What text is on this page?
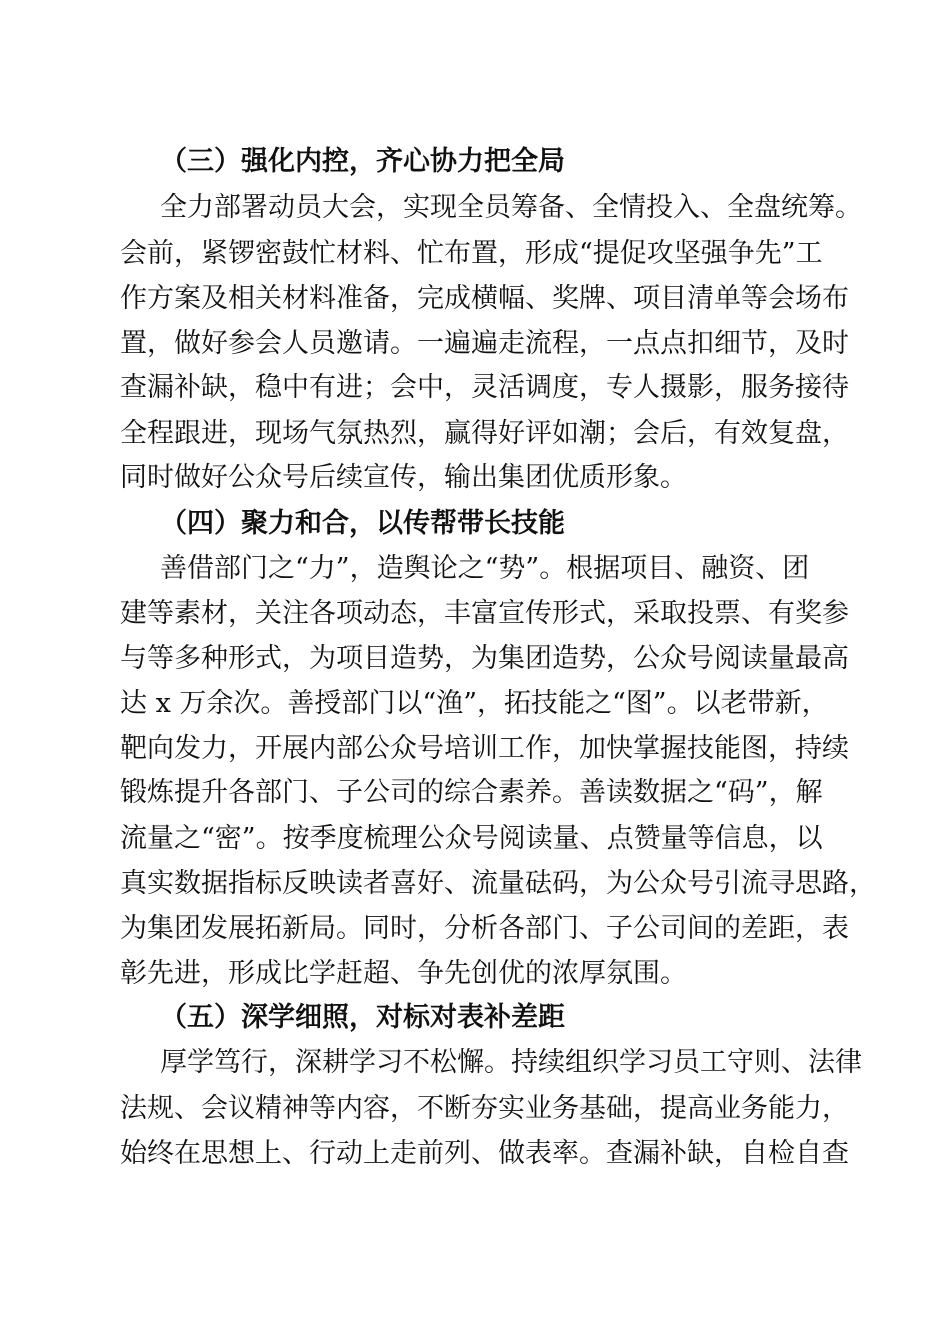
（三）强化内控，齐心协力把全局
全力部署动员大会，实现全员筹备、全情投入、全盘统筹。
会前，紧锣密鼓忙材料、忙布置，形成“提促攻坚强争先”工
作方案及相关材料准备，完成横幅、奖牌、项目清单等会场布
置，做好参会人员邀请。一遍遍走流程，一点点扣细节，及时
查漏补缺，稳中有进；会中，灵活调度，专人摄影，服务接待
全程跟进，现场气氛热烈，赢得好评如潮；会后，有效复盘，
同时做好公众号后续宣传，输出集团优质形象。
（四）聚力和合，以传帮带长技能
善借部门之“力”，造舆论之“势”。根据项目、融资、团
建等素材，关注各项动态，丰富宣传形式，采取投票、有奖参
与等多种形式，为项目造势，为集团造势，公众号阅读量最高
达 x 万余次。善授部门以“渔”，拓技能之“图”。以老带新，
靶向发力，开展内部公众号培训工作，加快掌握技能图，持续
锻炼提升各部门、子公司的综合素养。善读数据之“码”，解
流量之“密”。按季度梳理公众号阅读量、点赞量等信息，以
真实数据指标反映读者喜好、流量砝码，为公众号引流寻思路，
为集团发展拓新局。同时，分析各部门、子公司间的差距，表
彰先进，形成比学赶超、争先创优的浓厚氛围。
（五）深学细照，对标对表补差距
厚学笃行，深耕学习不松懈。持续组织学习员工守则、法律
法规、会议精神等内容，不断夯实业务基础，提高业务能力，
始终在思想上、行动上走前列、做表率。查漏补缺，自检自查
